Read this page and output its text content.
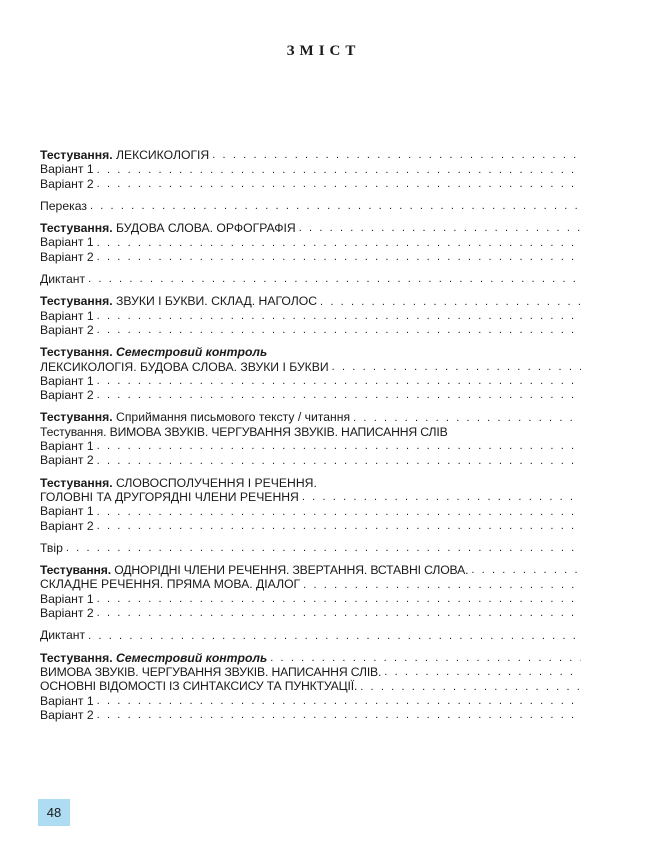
ЗМІСТ
Тестування. ЛЕКСИКОЛОГІЯ
. . .
Варіант 1
. . .
Варіант 2
. . .
Переказ
. . .
Тестування. БУДОВА СЛОВА. ОРФОГРАФІЯ
. . .
Варіант 1
. . .
Варіант 2
. . .
Диктант
. . .
Тестування. ЗВУКИ І БУКВИ. СКЛАД. НАГОЛОС
. . .
Варіант 1
. . .
Варіант 2
. . .
Тестування. Семестровий контроль
ЛЕКСИКОЛОГІЯ. БУДОВА СЛОВА. ЗВУКИ І БУКВИ
. . .
Варіант 1
. . .
Варіант 2
. . .
Тестування. Сприймання письмового тексту / читання
. . .
Тестування. ВИМОВА ЗВУКІВ. ЧЕРГУВАННЯ ЗВУКІВ. НАПИСАННЯ СЛІВ
Варіант 1
. . .
Варіант 2
. . .
Тестування. СЛОВОСПОЛУЧЕННЯ І РЕЧЕННЯ.
ГОЛОВНІ ТА ДРУГОРЯДНІ ЧЛЕНИ РЕЧЕННЯ
. . .
Варіант 1
. . .
Варіант 2
. . .
Твір
. . .
Тестування. ОДНОРІДНІ ЧЛЕНИ РЕЧЕННЯ. ЗВЕРТАННЯ. ВСТАВНІ СЛОВА.
. . .
СКЛАДНЕ РЕЧЕННЯ. ПРЯМА МОВА. ДІАЛОГ
. . .
Варіант 1
. . .
Варіант 2
. . .
Диктант
. . .
Тестування. Семестровий контроль
. . .
ВИМОВА ЗВУКІВ. ЧЕРГУВАННЯ ЗВУКІВ. НАПИСАННЯ СЛІВ.
. . .
ОСНОВНІ ВІДОМОСТІ ІЗ СИНТАКСИСУ ТА ПУНКТУАЦІЇ.
. . .
Варіант 1
. . .
Варіант 2
. . .
48
